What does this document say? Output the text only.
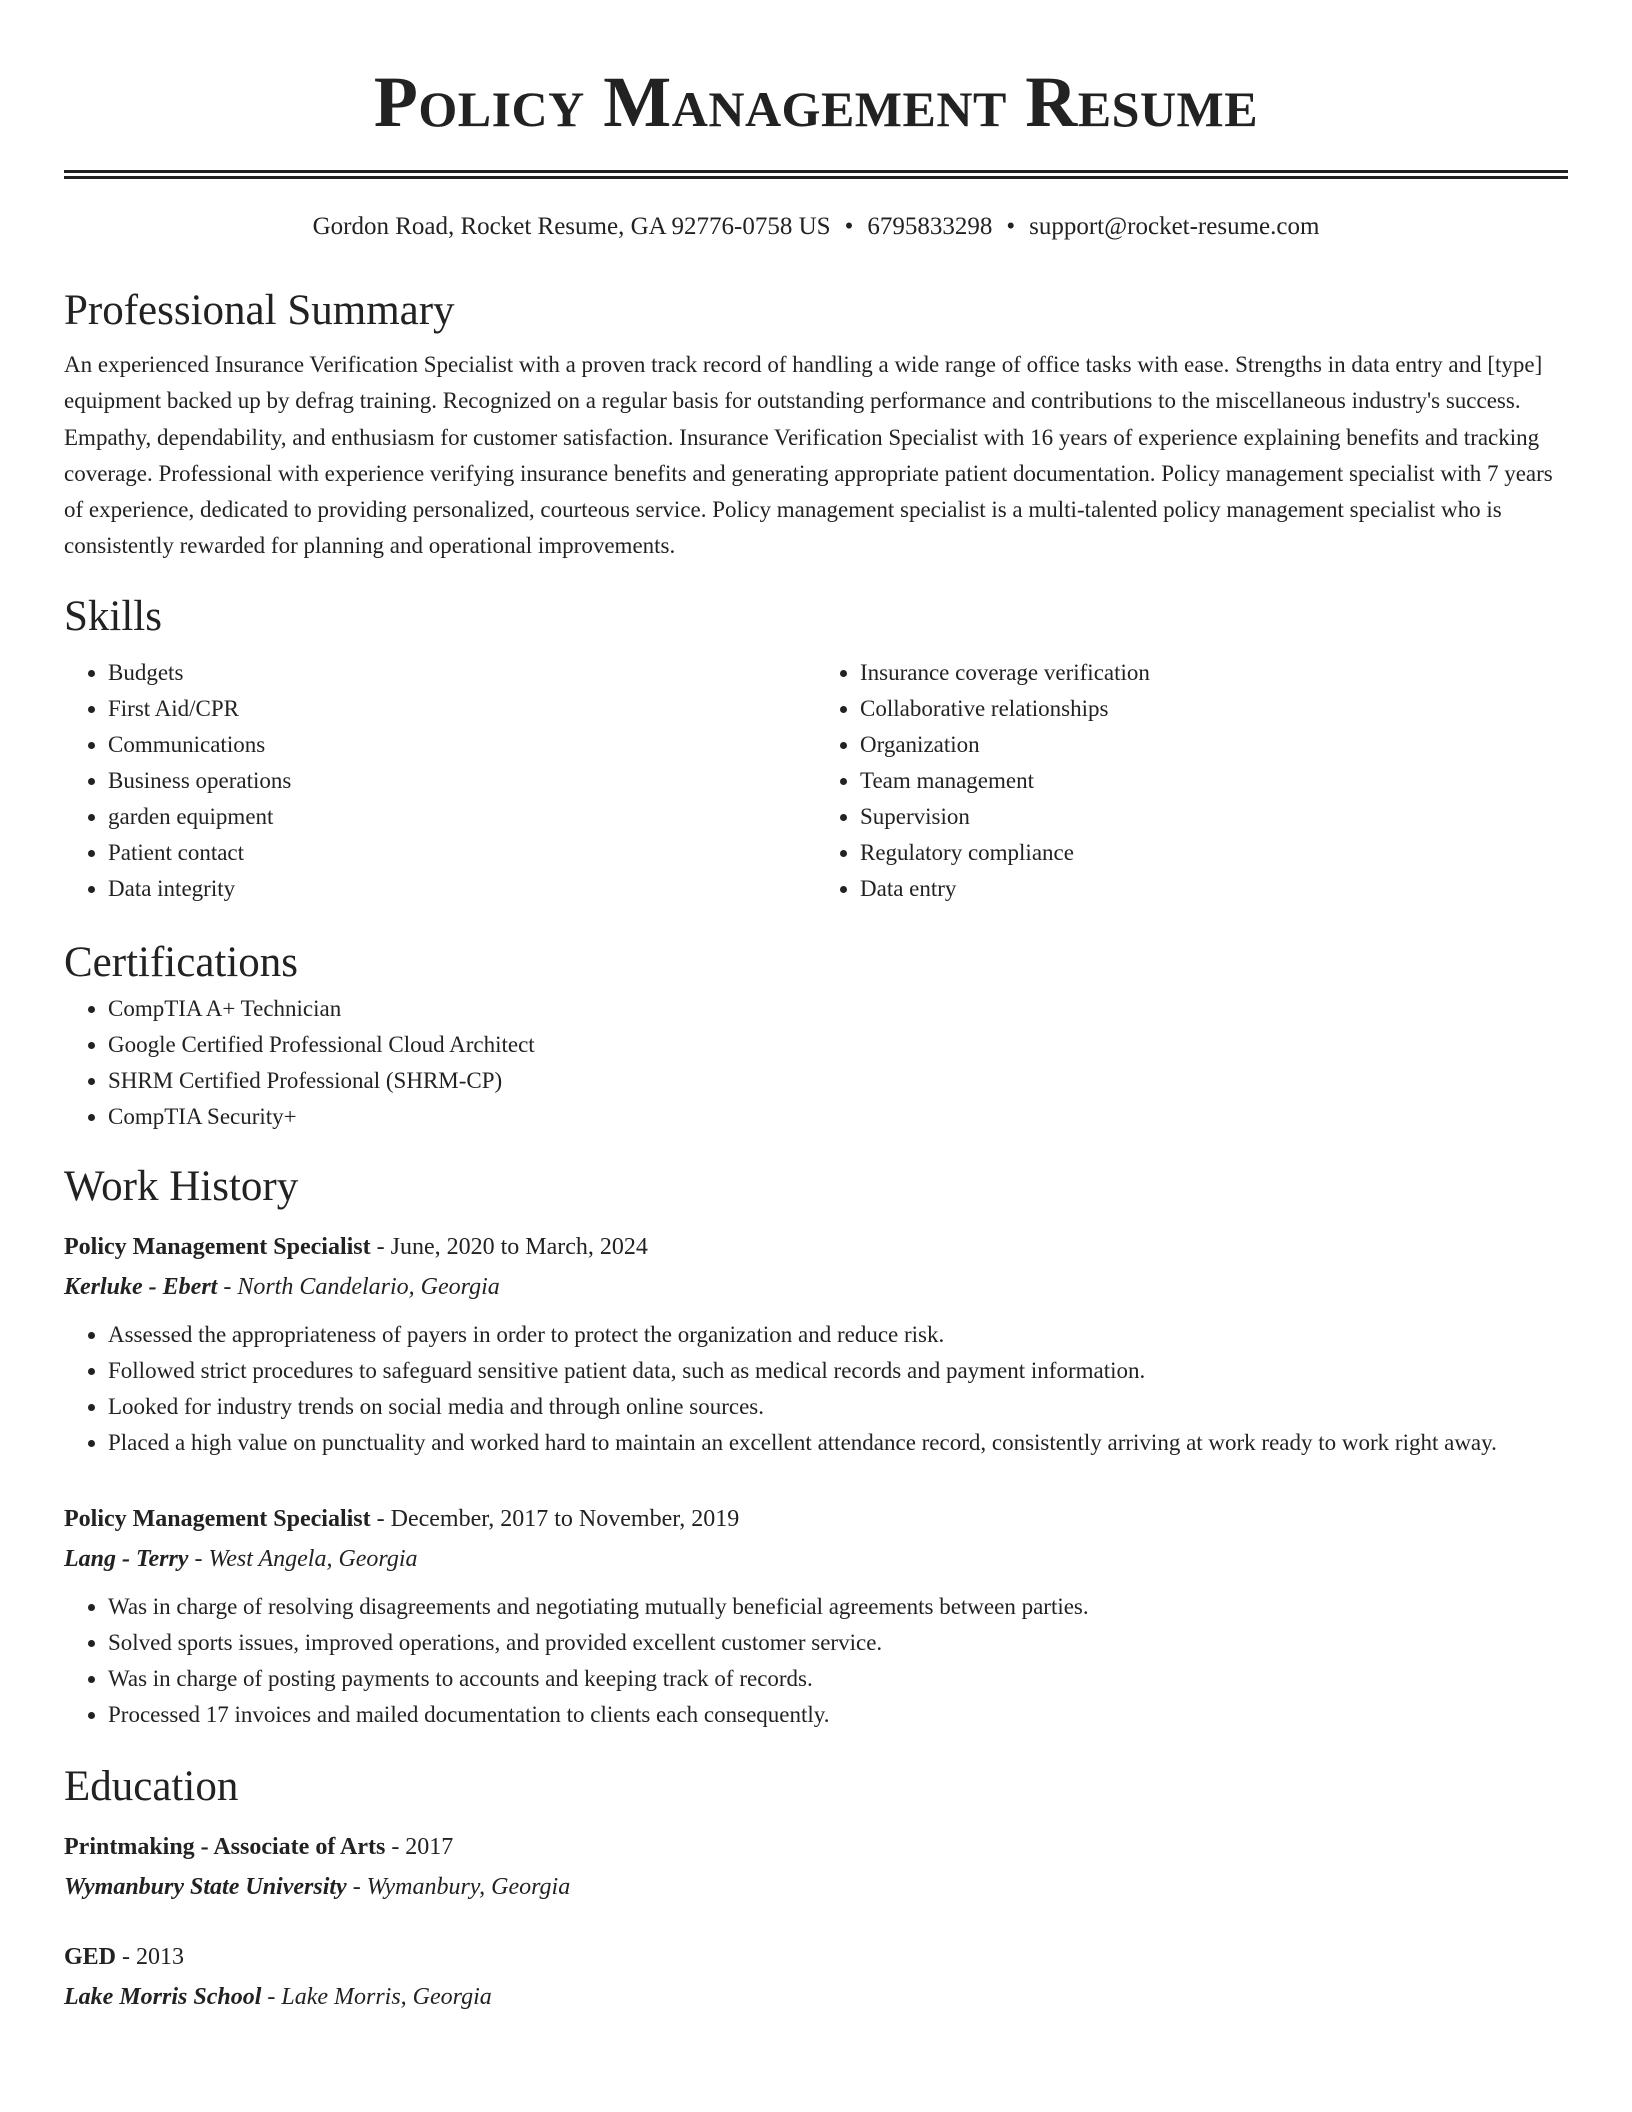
Policy Management Resume
Gordon Road, Rocket Resume, GA 92776-0758 US • 6795833298 • support@rocket-resume.com
Professional Summary

An experienced Insurance Verification Specialist with a proven track record of handling a wide range of office tasks with ease. Strengths in data entry and [type] equipment backed up by defrag training. Recognized on a regular basis for outstanding performance and contributions to the miscellaneous industry's success. Empathy, dependability, and enthusiasm for customer satisfaction. Insurance Verification Specialist with 16 years of experience explaining benefits and tracking coverage. Professional with experience verifying insurance benefits and generating appropriate patient documentation. Policy management specialist with 7 years of experience, dedicated to providing personalized, courteous service. Policy management specialist is a multi-talented policy management specialist who is consistently rewarded for planning and operational improvements.

Skills
• Budgets
• First Aid/CPR
• Communications
• Business operations
• garden equipment
• Patient contact
• Data integrity
• Insurance coverage verification
• Collaborative relationships
• Organization
• Team management
• Supervision
• Regulatory compliance
• Data entry
Certifications
• CompTIA A+ Technician
• Google Certified Professional Cloud Architect
• SHRM Certified Professional (SHRM-CP)
• CompTIA Security+
Work History
Policy Management Specialist - June, 2020 to March, 2024
Kerluke - Ebert - North Candelario, Georgia
• Assessed the appropriateness of payers in order to protect the organization and reduce risk.
• Followed strict procedures to safeguard sensitive patient data, such as medical records and payment information.
• Looked for industry trends on social media and through online sources.
• Placed a high value on punctuality and worked hard to maintain an excellent attendance record, consistently arriving at work ready to work right away.
Policy Management Specialist - December, 2017 to November, 2019
Lang - Terry - West Angela, Georgia
• Was in charge of resolving disagreements and negotiating mutually beneficial agreements between parties.
• Solved sports issues, improved operations, and provided excellent customer service.
• Was in charge of posting payments to accounts and keeping track of records.
• Processed 17 invoices and mailed documentation to clients each consequently.
Education
Printmaking - Associate of Arts - 2017
Wymanbury State University - Wymanbury, Georgia
GED - 2013
Lake Morris School - Lake Morris, Georgia
